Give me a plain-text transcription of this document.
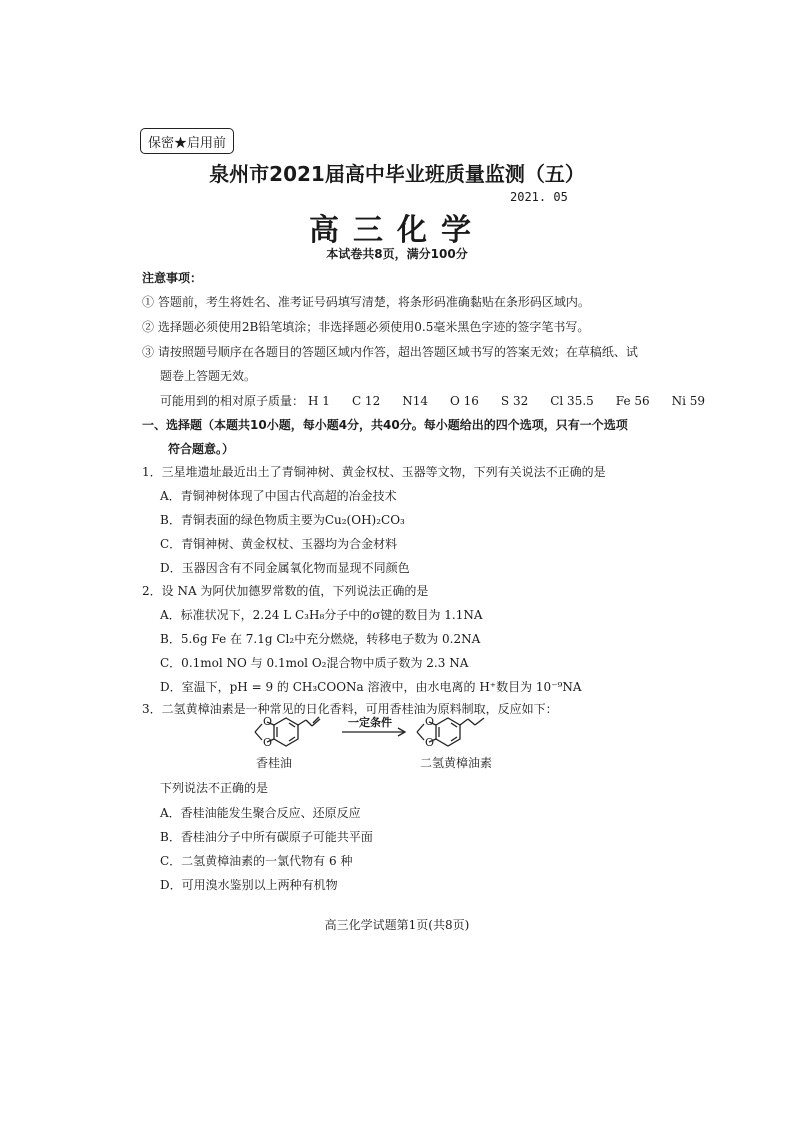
保密★启用前
泉州市2021届高中毕业班质量监测（五）
2021. 05
高三化学
本试卷共8页，满分100分
注意事项：
① 答题前，考生将姓名、准考证号码填写清楚，将条形码准确黏贴在条形码区域内。
② 选择题必须使用2B铅笔填涂；非选择题必须使用0.5毫米黑色字迹的签字笔书写。
③ 请按照题号顺序在各题目的答题区域内作答，超出答题区域书写的答案无效；在草稿纸、试
题卷上答题无效。
可能用到的相对原子质量： H 1 C 12 N14 O 16 S 32 Cl 35.5 Fe 56 Ni 59
一、选择题（本题共10小题，每小题4分，共40分。每小题给出的四个选项，只有一个选项
符合题意。）
1．三星堆遗址最近出土了青铜神树、黄金权杖、玉器等文物，下列有关说法不正确的是
A．青铜神树体现了中国古代高超的冶金技术
B．青铜表面的绿色物质主要为Cu₂(OH)₂CO₃
C．青铜神树、黄金权杖、玉器均为合金材料
D．玉器因含有不同金属氧化物而显现不同颜色
2．设 NA 为阿伏加德罗常数的值，下列说法正确的是
A．标准状况下，2.24 L C₃H₈分子中的σ键的数目为 1.1NA
B．5.6g Fe 在 7.1g Cl₂中充分燃烧，转移电子数为 0.2NA
C．0.1mol NO 与 0.1mol O₂混合物中质子数为 2.3 NA
D．室温下，pH = 9 的 CH₃COONa 溶液中，由水电离的 H⁺数目为 10⁻⁹NA
3．二氢黄樟油素是一种常见的日化香料，可用香桂油为原料制取，反应如下：
O
O
O
O
一定条件
香桂油	二氢黄樟油素
下列说法不正确的是
A．香桂油能发生聚合反应、还原反应
B．香桂油分子中所有碳原子可能共平面
C．二氢黄樟油素的一氯代物有 6 种
D．可用溴水鉴别以上两种有机物
高三化学试题第1页(共8页)
